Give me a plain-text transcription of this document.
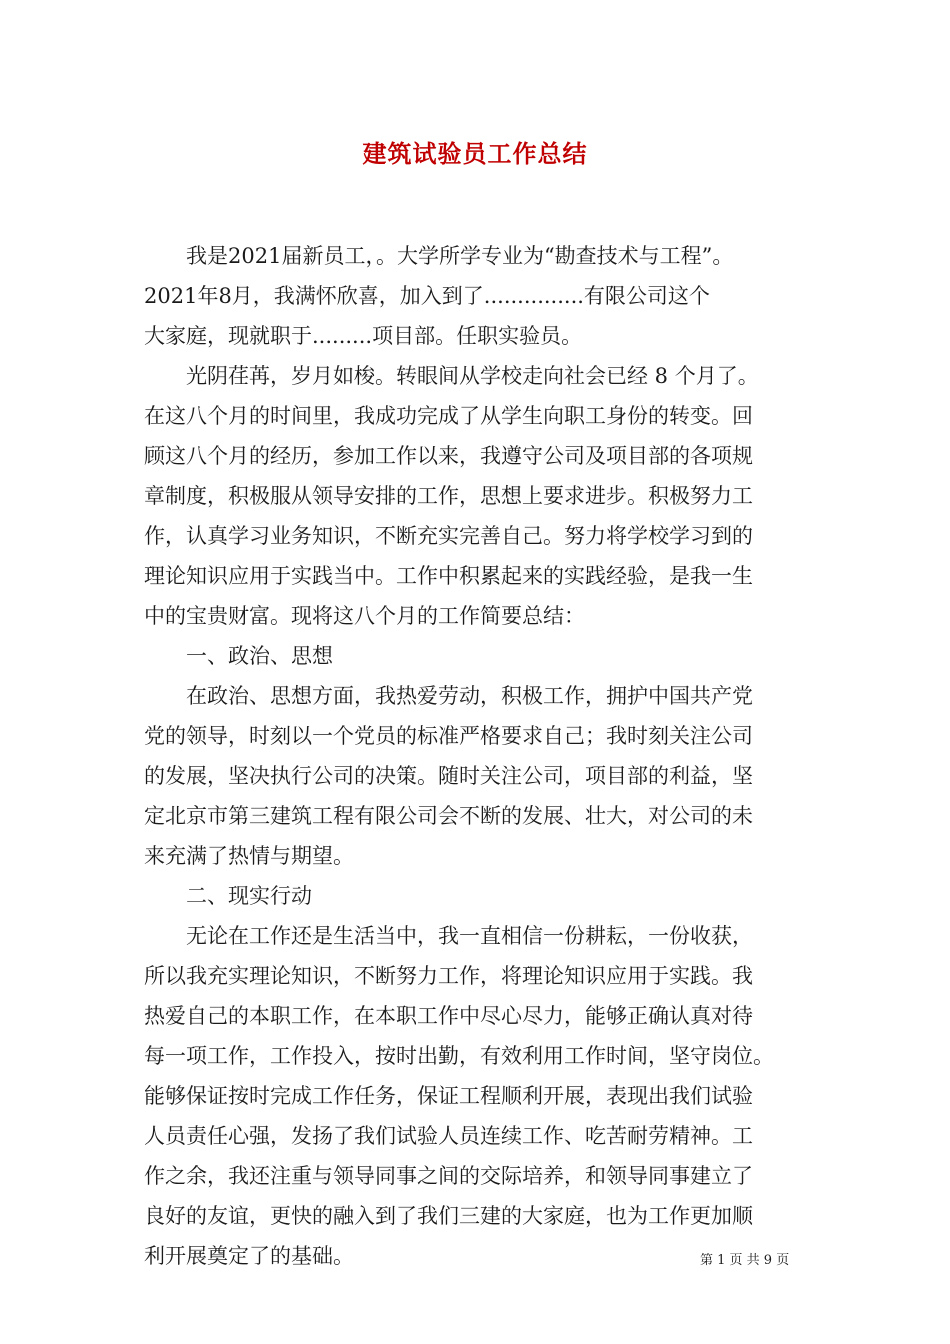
建筑试验员工作总结
　　我是2021届新员工，。大学所学专业为“勘查技术与工程”。
2021年8月，我满怀欣喜，加入到了...............有限公司这个
大家庭，现就职于.........项目部。任职实验员。
　　光阴荏苒，岁月如梭。转眼间从学校走向社会已经 8 个月了。
在这八个月的时间里，我成功完成了从学生向职工身份的转变。回
顾这八个月的经历，参加工作以来，我遵守公司及项目部的各项规
章制度，积极服从领导安排的工作，思想上要求进步。积极努力工
作，认真学习业务知识，不断充实完善自己。努力将学校学习到的
理论知识应用于实践当中。工作中积累起来的实践经验，是我一生
中的宝贵财富。现将这八个月的工作简要总结：
　　一、政治、思想
　　在政治、思想方面，我热爱劳动，积极工作，拥护中国共产党
党的领导，时刻以一个党员的标准严格要求自己；我时刻关注公司
的发展，坚决执行公司的决策。随时关注公司，项目部的利益，坚
定北京市第三建筑工程有限公司会不断的发展、壮大，对公司的未
来充满了热情与期望。
　　二、现实行动
　　无论在工作还是生活当中，我一直相信一份耕耘，一份收获，
所以我充实理论知识，不断努力工作，将理论知识应用于实践。我
热爱自己的本职工作，在本职工作中尽心尽力，能够正确认真对待
每一项工作，工作投入，按时出勤，有效利用工作时间，坚守岗位。
能够保证按时完成工作任务，保证工程顺利开展，表现出我们试验
人员责任心强，发扬了我们试验人员连续工作、吃苦耐劳精神。工
作之余，我还注重与领导同事之间的交际培养，和领导同事建立了
良好的友谊，更快的融入到了我们三建的大家庭，也为工作更加顺
利开展奠定了的基础。	第 1 页 共 9 页
